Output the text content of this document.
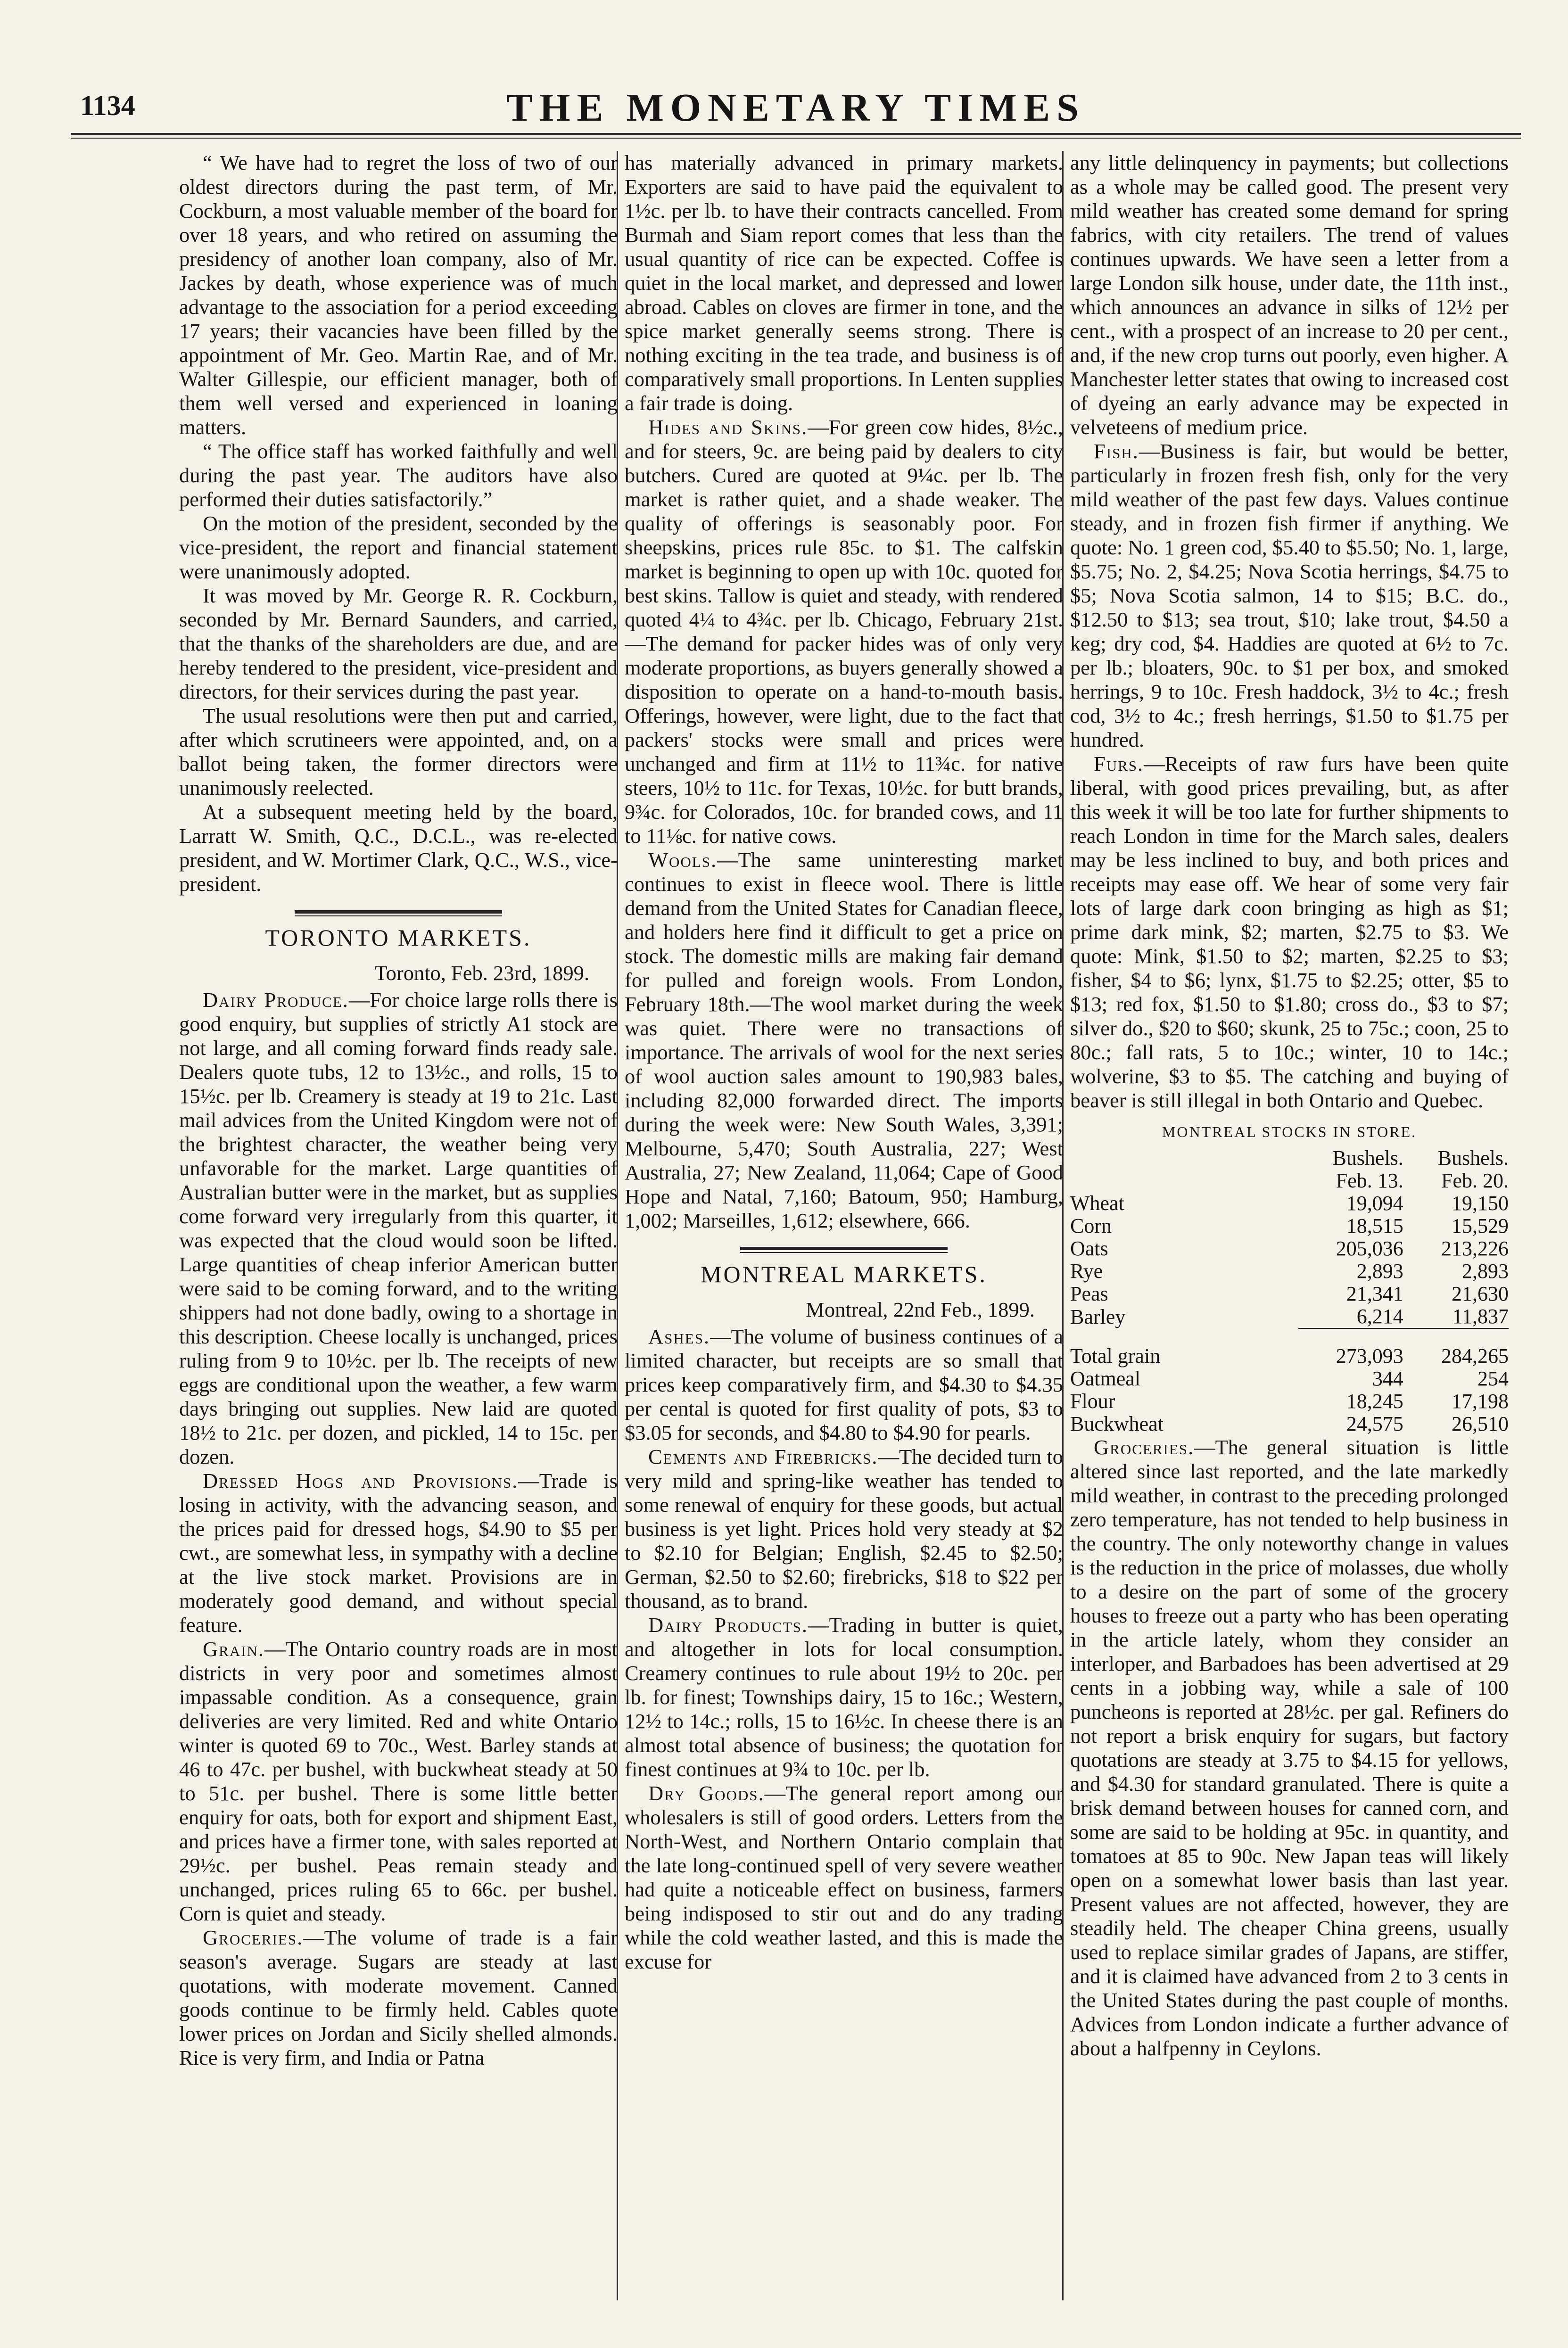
1134	THE MONETARY TIMES

“ We have had to regret the loss of two of our oldest directors during the past term, of Mr. Cockburn, a most valuable member of the board for over 18 years, and who retired on assuming the presidency of another loan company, also of Mr. Jackes by death, whose experience was of much advantage to the association for a period exceeding 17 years; their vacancies have been filled by the appointment of Mr. Geo. Martin Rae, and of Mr. Walter Gillespie, our efficient manager, both of them well versed and experienced in loaning matters.

“ The office staff has worked faithfully and well during the past year. The auditors have also performed their duties satisfactorily.”

On the motion of the president, seconded by the vice-president, the report and financial statement were unanimously adopted.

It was moved by Mr. George R. R. Cockburn, seconded by Mr. Bernard Saunders, and carried, that the thanks of the shareholders are due, and are hereby tendered to the president, vice-president and directors, for their services during the past year.

The usual resolutions were then put and carried, after which scrutineers were appointed, and, on a ballot being taken, the former directors were unanimously reelected.

At a subsequent meeting held by the board, Larratt W. Smith, Q.C., D.C.L., was re-elected president, and W. Mortimer Clark, Q.C., W.S., vice-president.

TORONTO MARKETS.

Toronto, Feb. 23rd, 1899.

Dairy Produce.—For choice large rolls there is good enquiry, but supplies of strictly A1 stock are not large, and all coming forward finds ready sale. Dealers quote tubs, 12 to 13½c., and rolls, 15 to 15½c. per lb. Creamery is steady at 19 to 21c. Last mail advices from the United Kingdom were not of the brightest character, the weather being very unfavorable for the market. Large quantities of Australian butter were in the market, but as supplies come forward very irregularly from this quarter, it was expected that the cloud would soon be lifted. Large quantities of cheap inferior American butter were said to be coming forward, and to the writing shippers had not done badly, owing to a shortage in this description. Cheese locally is unchanged, prices ruling from 9 to 10½c. per lb. The receipts of new eggs are conditional upon the weather, a few warm days bringing out supplies. New laid are quoted 18½ to 21c. per dozen, and pickled, 14 to 15c. per dozen.

Dressed Hogs and Provisions.—Trade is losing in activity, with the advancing season, and the prices paid for dressed hogs, $4.90 to $5 per cwt., are somewhat less, in sympathy with a decline at the live stock market. Provisions are in moderately good demand, and without special feature.

Grain.—The Ontario country roads are in most districts in very poor and sometimes almost impassable condition. As a consequence, grain deliveries are very limited. Red and white Ontario winter is quoted 69 to 70c., West. Barley stands at 46 to 47c. per bushel, with buckwheat steady at 50 to 51c. per bushel. There is some little better enquiry for oats, both for export and shipment East, and prices have a firmer tone, with sales reported at 29½c. per bushel. Peas remain steady and unchanged, prices ruling 65 to 66c. per bushel. Corn is quiet and steady.

Groceries.—The volume of trade is a fair season's average. Sugars are steady at last quotations, with moderate movement. Canned goods continue to be firmly held. Cables quote lower prices on Jordan and Sicily shelled almonds. Rice is very firm, and India or Patna

has materially advanced in primary markets. Exporters are said to have paid the equivalent to 1½c. per lb. to have their contracts cancelled. From Burmah and Siam report comes that less than the usual quantity of rice can be expected. Coffee is quiet in the local market, and depressed and lower abroad. Cables on cloves are firmer in tone, and the spice market generally seems strong. There is nothing exciting in the tea trade, and business is of comparatively small proportions. In Lenten supplies a fair trade is doing.

Hides and Skins.—For green cow hides, 8½c., and for steers, 9c. are being paid by dealers to city butchers. Cured are quoted at 9¼c. per lb. The market is rather quiet, and a shade weaker. The quality of offerings is seasonably poor. For sheepskins, prices rule 85c. to $1. The calfskin market is beginning to open up with 10c. quoted for best skins. Tallow is quiet and steady, with rendered quoted 4¼ to 4¾c. per lb. Chicago, February 21st.—The demand for packer hides was of only very moderate proportions, as buyers generally showed a disposition to operate on a hand-to-mouth basis. Offerings, however, were light, due to the fact that packers' stocks were small and prices were unchanged and firm at 11½ to 11¾c. for native steers, 10½ to 11c. for Texas, 10½c. for butt brands, 9¾c. for Colorados, 10c. for branded cows, and 11 to 11⅛c. for native cows.

Wools.—The same uninteresting market continues to exist in fleece wool. There is little demand from the United States for Canadian fleece, and holders here find it difficult to get a price on stock. The domestic mills are making fair demand for pulled and foreign wools. From London, February 18th.—The wool market during the week was quiet. There were no transactions of importance. The arrivals of wool for the next series of wool auction sales amount to 190,983 bales, including 82,000 forwarded direct. The imports during the week were: New South Wales, 3,391; Melbourne, 5,470; South Australia, 227; West Australia, 27; New Zealand, 11,064; Cape of Good Hope and Natal, 7,160; Batoum, 950; Hamburg, 1,002; Marseilles, 1,612; elsewhere, 666.

MONTREAL MARKETS.

Montreal, 22nd Feb., 1899.

Ashes.—The volume of business continues of a limited character, but receipts are so small that prices keep comparatively firm, and $4.30 to $4.35 per cental is quoted for first quality of pots, $3 to $3.05 for seconds, and $4.80 to $4.90 for pearls.

Cements and Firebricks.—The decided turn to very mild and spring-like weather has tended to some renewal of enquiry for these goods, but actual business is yet light. Prices hold very steady at $2 to $2.10 for Belgian; English, $2.45 to $2.50; German, $2.50 to $2.60; firebricks, $18 to $22 per thousand, as to brand.

Dairy Products.—Trading in butter is quiet, and altogether in lots for local consumption. Creamery continues to rule about 19½ to 20c. per lb. for finest; Townships dairy, 15 to 16c.; Western, 12½ to 14c.; rolls, 15 to 16½c. In cheese there is an almost total absence of business; the quotation for finest continues at 9¾ to 10c. per lb.

Dry Goods.—The general report among our wholesalers is still of good orders. Letters from the North-West, and Northern Ontario complain that the late long-continued spell of very severe weather had quite a noticeable effect on business, farmers being indisposed to stir out and do any trading while the cold weather lasted, and this is made the excuse for

any little delinquency in payments; but collections as a whole may be called good. The present very mild weather has created some demand for spring fabrics, with city retailers. The trend of values continues upwards. We have seen a letter from a large London silk house, under date, the 11th inst., which announces an advance in silks of 12½ per cent., with a prospect of an increase to 20 per cent., and, if the new crop turns out poorly, even higher. A Manchester letter states that owing to increased cost of dyeing an early advance may be expected in velveteens of medium price.

Fish.—Business is fair, but would be better, particularly in frozen fresh fish, only for the very mild weather of the past few days. Values continue steady, and in frozen fish firmer if anything. We quote: No. 1 green cod, $5.40 to $5.50; No. 1, large, $5.75; No. 2, $4.25; Nova Scotia herrings, $4.75 to $5; Nova Scotia salmon, 14 to $15; B.C. do., $12.50 to $13; sea trout, $10; lake trout, $4.50 a keg; dry cod, $4. Haddies are quoted at 6½ to 7c. per lb.; bloaters, 90c. to $1 per box, and smoked herrings, 9 to 10c. Fresh haddock, 3½ to 4c.; fresh cod, 3½ to 4c.; fresh herrings, $1.50 to $1.75 per hundred.

Furs.—Receipts of raw furs have been quite liberal, with good prices prevailing, but, as after this week it will be too late for further shipments to reach London in time for the March sales, dealers may be less inclined to buy, and both prices and receipts may ease off. We hear of some very fair lots of large dark coon bringing as high as $1; prime dark mink, $2; marten, $2.75 to $3. We quote: Mink, $1.50 to $2; marten, $2.25 to $3; fisher, $4 to $6; lynx, $1.75 to $2.25; otter, $5 to $13; red fox, $1.50 to $1.80; cross do., $3 to $7; silver do., $20 to $60; skunk, 25 to 75c.; coon, 25 to 80c.; fall rats, 5 to 10c.; winter, 10 to 14c.; wolverine, $3 to $5. The catching and buying of beaver is still illegal in both Ontario and Quebec.

MONTREAL STOCKS IN STORE.
	Bushels.	Bushels.
	Feb. 13.	Feb. 20.
Wheat	19,094	19,150
Corn	18,515	15,529
Oats	205,036	213,226
Rye	2,893	2,893
Peas	21,341	21,630
Barley	6,214	11,837
Total grain	273,093	284,265
Oatmeal	344	254
Flour	18,245	17,198
Buckwheat	24,575	26,510

Groceries.—The general situation is little altered since last reported, and the late markedly mild weather, in contrast to the preceding prolonged zero temperature, has not tended to help business in the country. The only noteworthy change in values is the reduction in the price of molasses, due wholly to a desire on the part of some of the grocery houses to freeze out a party who has been operating in the article lately, whom they consider an interloper, and Barbadoes has been advertised at 29 cents in a jobbing way, while a sale of 100 puncheons is reported at 28½c. per gal. Refiners do not report a brisk enquiry for sugars, but factory quotations are steady at 3.75 to $4.15 for yellows, and $4.30 for standard granulated. There is quite a brisk demand between houses for canned corn, and some are said to be holding at 95c. in quantity, and tomatoes at 85 to 90c. New Japan teas will likely open on a somewhat lower basis than last year. Present values are not affected, however, they are steadily held. The cheaper China greens, usually used to replace similar grades of Japans, are stiffer, and it is claimed have advanced from 2 to 3 cents in the United States during the past couple of months. Advices from London indicate a further advance of about a halfpenny in Ceylons.
